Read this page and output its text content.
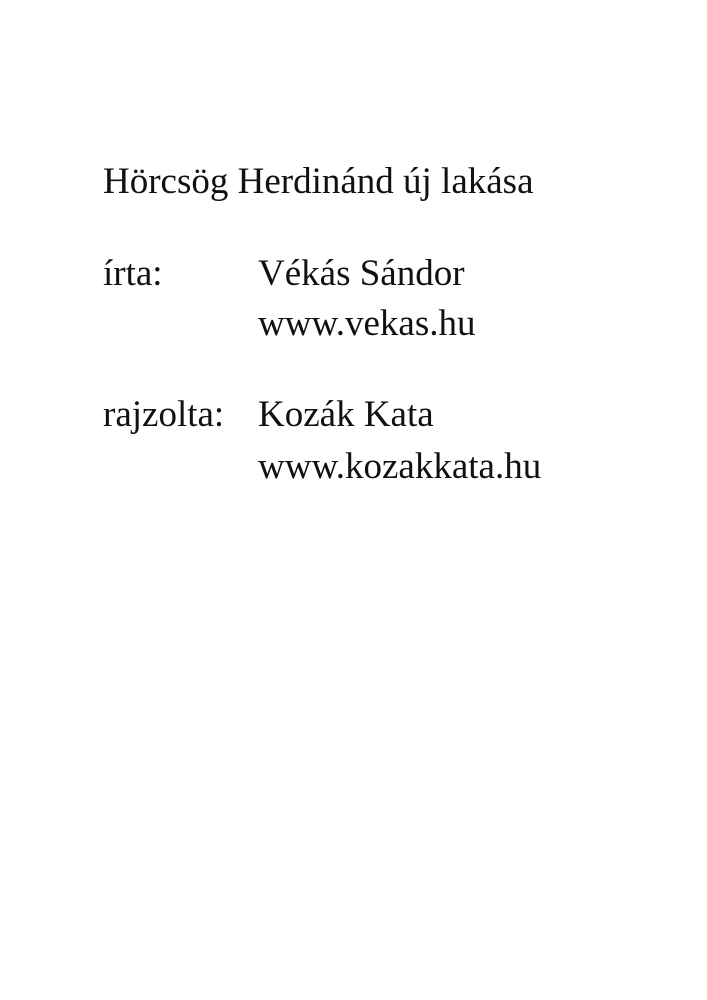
Hörcsög Herdinánd új lakása
írta:	Vékás Sándor
www.vekas.hu
rajzolta: Kozák Kata
www.kozakkata.hu
